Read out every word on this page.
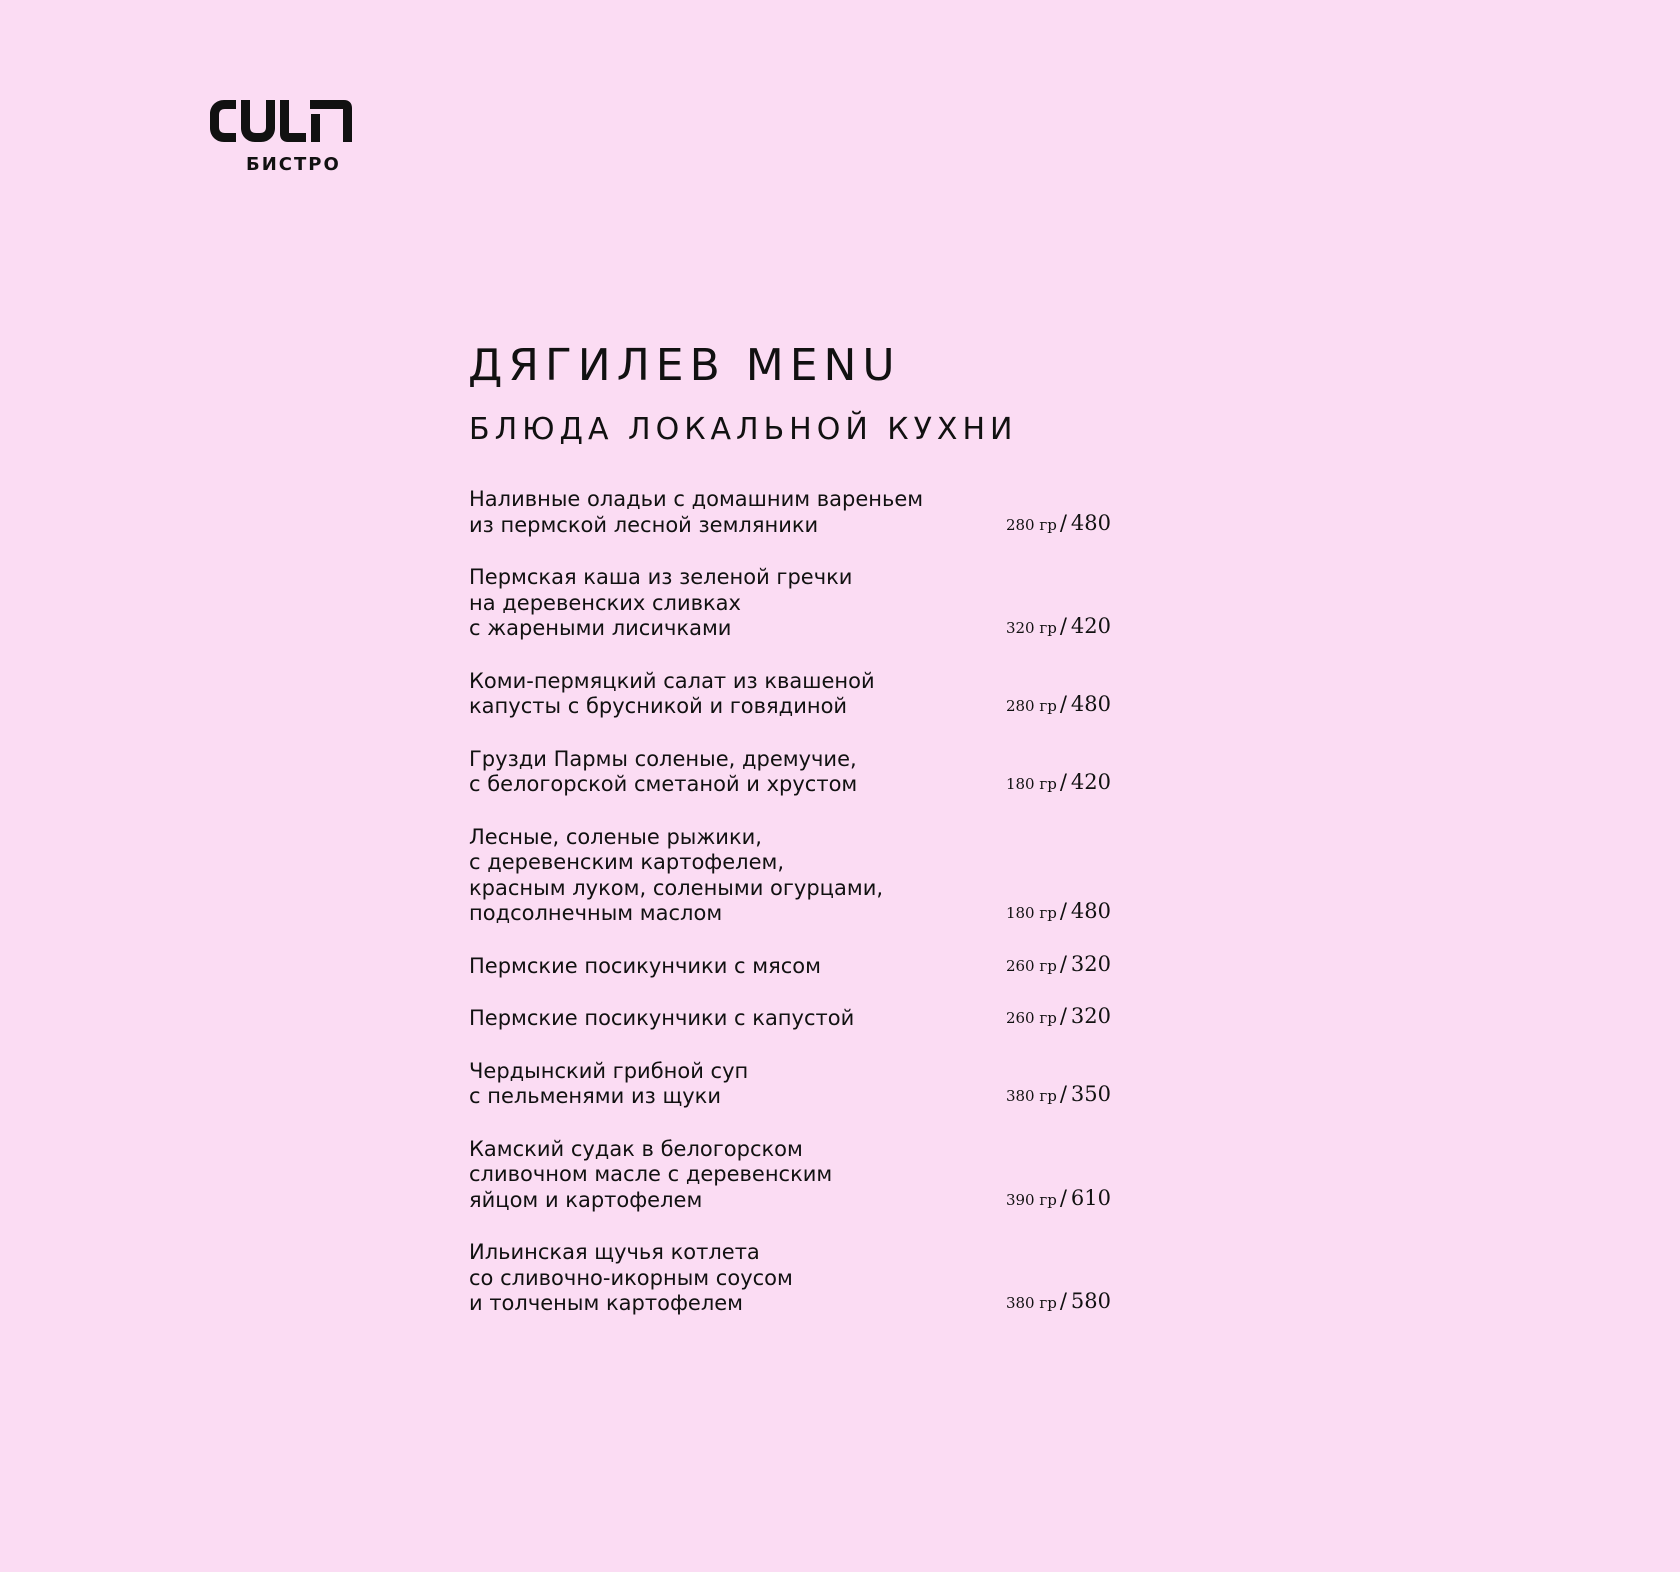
БИСТРО
ДЯГИЛЕВ MENU
БЛЮДА ЛОКАЛЬНОЙ КУХНИ
Наливные оладьи с домашним вареньем
из пермской лесной земляники	280 гр / 480
Пермская каша из зеленой гречки
на деревенских сливках
с жареными лисичками	320 гр / 420
Коми-пермяцкий салат из квашеной
капусты с брусникой и говядиной	280 гр / 480
Грузди Пармы соленые, дремучие,
с белогорской сметаной и хрустом	180 гр / 420
Лесные, соленые рыжики,
с деревенским картофелем,
красным луком, солеными огурцами,
подсолнечным маслом	180 гр / 480
Пермские посикунчики с мясом	260 гр / 320
Пермские посикунчики с капустой	260 гр / 320
Чердынский грибной суп
с пельменями из щуки	380 гр / 350
Камский судак в белогорском
сливочном масле с деревенским
яйцом и картофелем	390 гр / 610
Ильинская щучья котлета
со сливочно-икорным соусом
и толченым картофелем	380 гр / 580
